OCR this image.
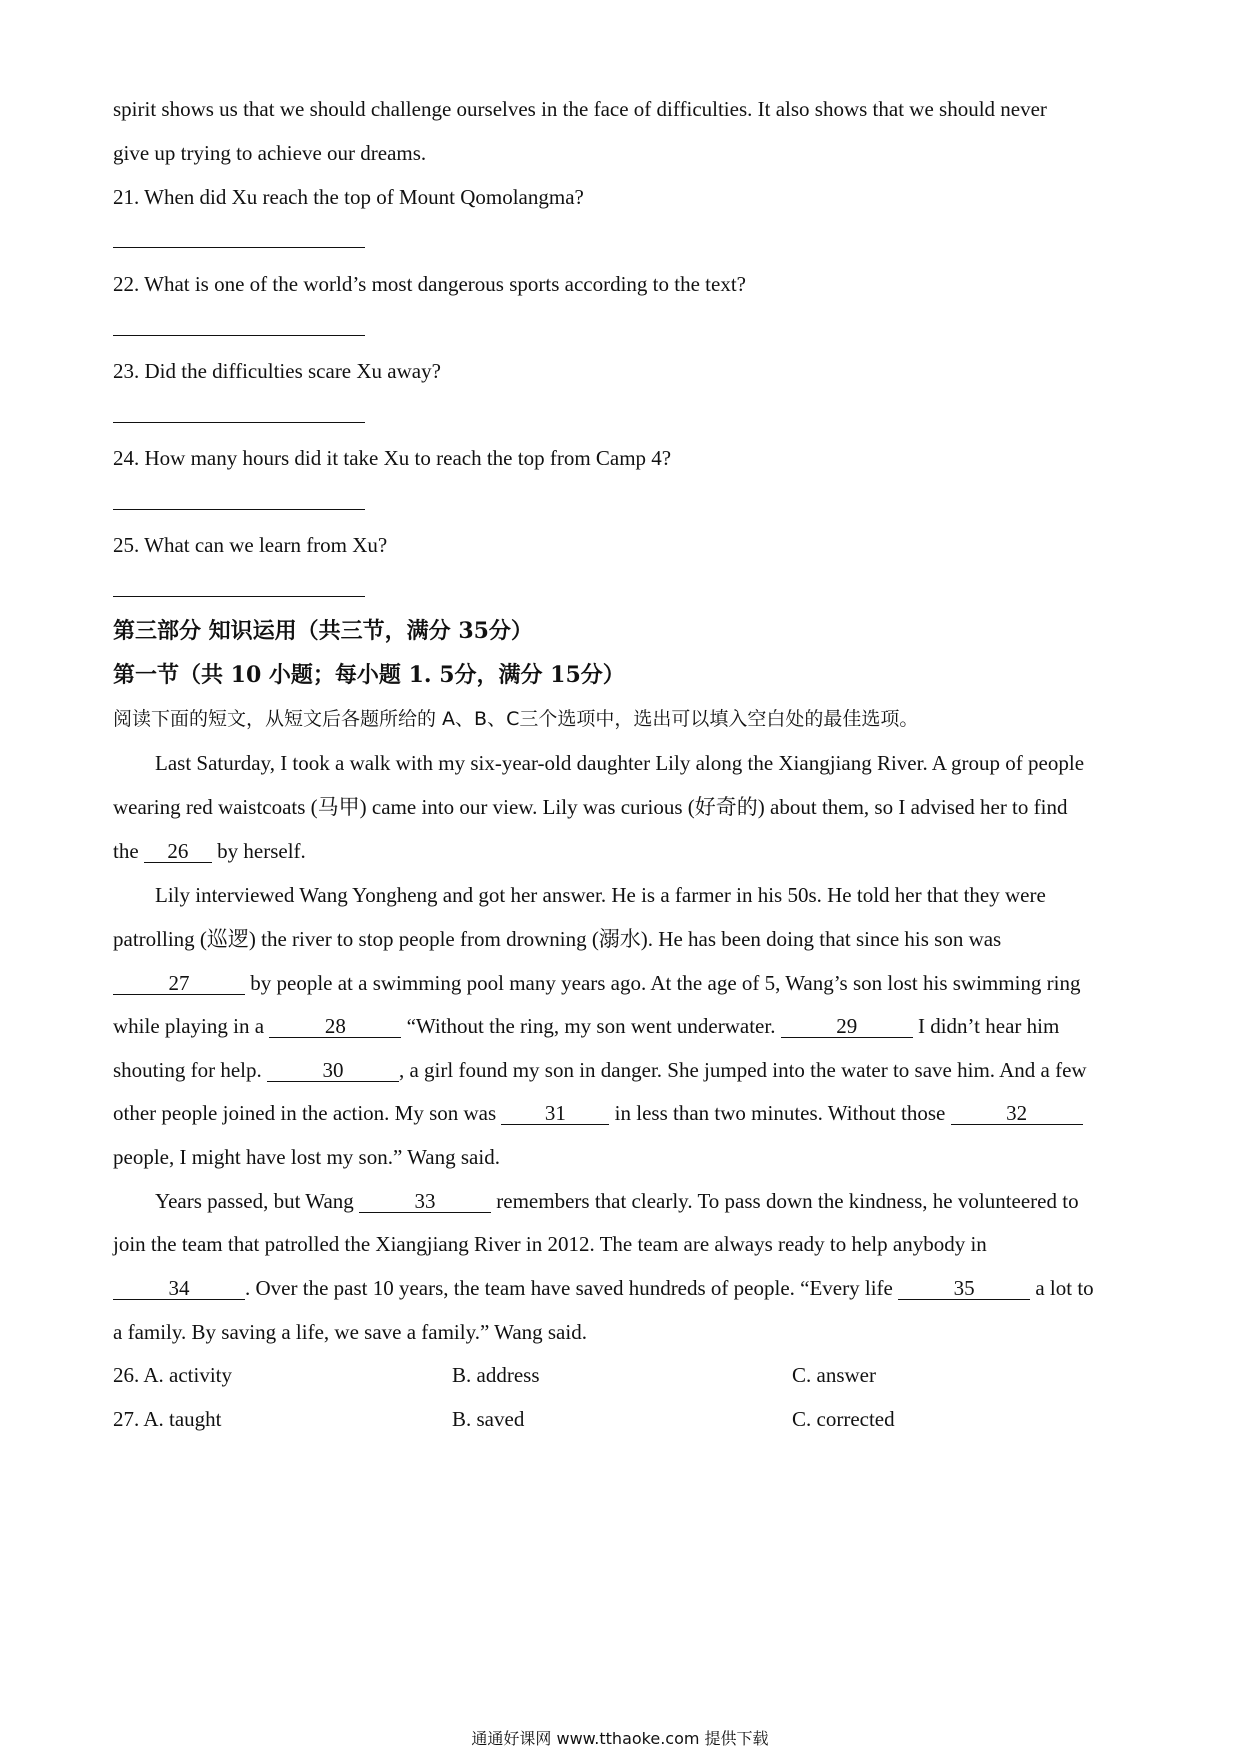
spirit shows us that we should challenge ourselves in the face of difficulties. It also shows that we should never
give up trying to achieve our dreams.
21. When did Xu reach the top of Mount Qomolangma?
22. What is one of the world’s most dangerous sports according to the text?
23. Did the difficulties scare Xu away?
24. How many hours did it take Xu to reach the top from Camp 4?
25. What can we learn from Xu?
第三部分 知识运用（共三节，满分 35分）
第一节（共 10 小题；每小题 1. 5分，满分 15分）
阅读下面的短文，从短文后各题所给的 A、B、C三个选项中，选出可以填入空白处的最佳选项。
Last Saturday, I took a walk with my six-year-old daughter Lily along the Xiangjiang River. A group of people
wearing red waistcoats (马甲) came into our view. Lily was curious (好奇的) about them, so I advised her to find
the 26 by herself.
Lily interviewed Wang Yongheng and got her answer. He is a farmer in his 50s. He told her that they were
patrolling (巡逻) the river to stop people from drowning (溺水). He has been doing that since his son was
27	by people at a swimming pool many years ago. At the age of 5, Wang’s son lost his swimming ring
while playing in a	28	“Without the ring, my son went underwater.	29	I didn’t hear him
shouting for help.	30	, a girl found my son in danger. She jumped into the water to save him. And a few
other people joined in the action. My son was 31 in less than two minutes. Without those	32
people, I might have lost my son.” Wang said.
Years passed, but Wang	33	remembers that clearly. To pass down the kindness, he volunteered to
join the team that patrolled the Xiangjiang River in 2012. The team are always ready to help anybody in
34	. Over the past 10 years, the team have saved hundreds of people. “Every life	35	a lot to
a family. By saving a life, we save a family.” Wang said.
26. A. activity	B. address	C. answer
27. A. taught	B. saved	C. corrected
通通好课网 www.tthaoke.com 提供下载
